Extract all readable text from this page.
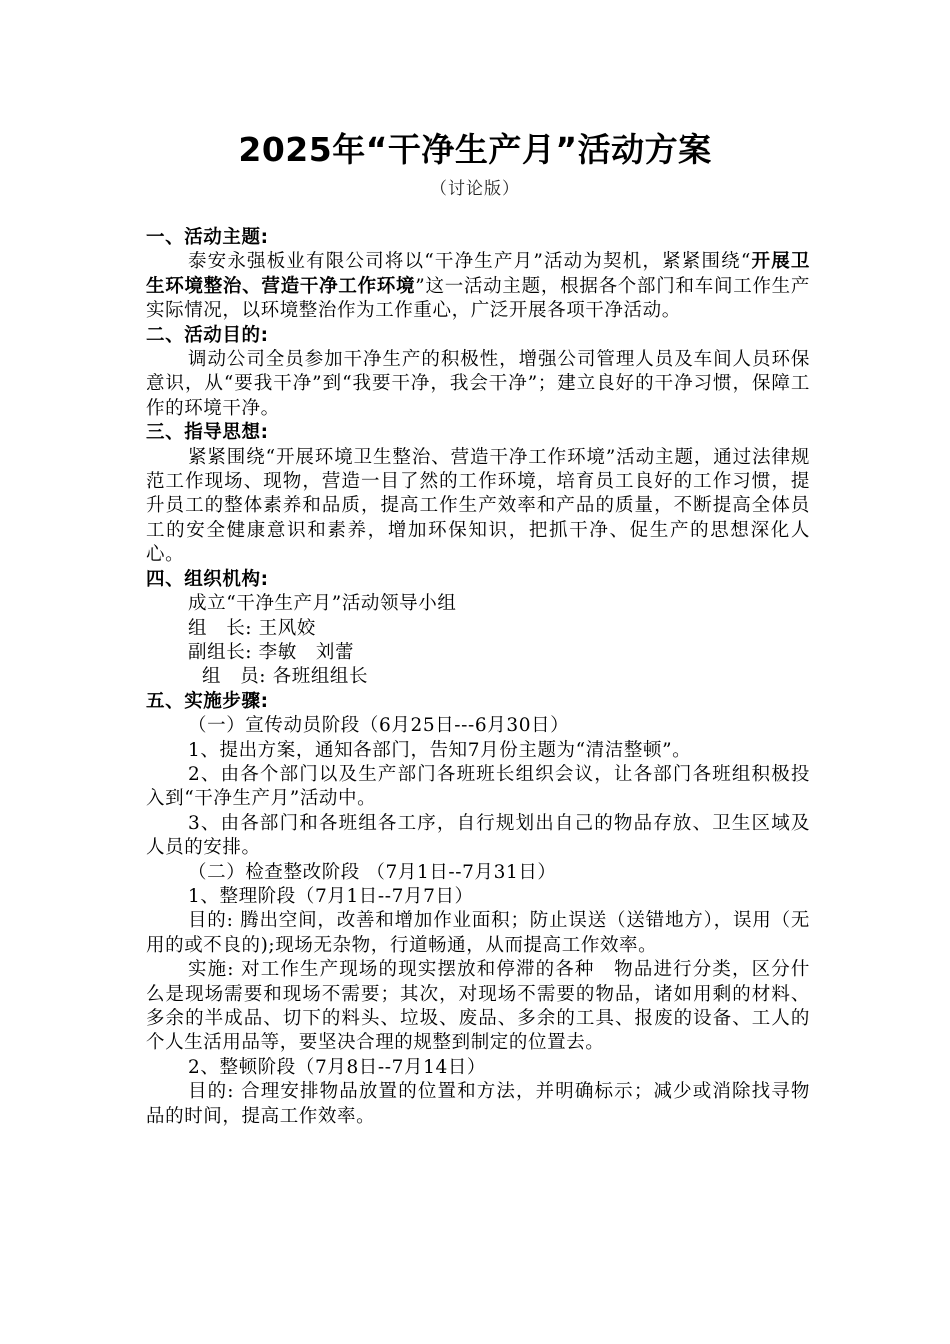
2025年“干净生产月”活动方案
（讨论版）
一、活动主题:
泰安永强板业有限公司将以“干净生产月”活动为契机，紧紧围绕“开展卫生环境整治、营造干净工作环境”这一活动主题，根据各个部门和车间工作生产实际情况，以环境整治作为工作重心，广泛开展各项干净活动。
二、活动目的:
调动公司全员参加干净生产的积极性，增强公司管理人员及车间人员环保意识，从“要我干净”到“我要干净，我会干净”；建立良好的干净习惯，保障工作的环境干净。
三、指导思想:
紧紧围绕“开展环境卫生整治、营造干净工作环境”活动主题，通过法律规范工作现场、现物，营造一目了然的工作环境，培育员工良好的工作习惯，提升员工的整体素养和品质，提高工作生产效率和产品的质量，不断提高全体员工的安全健康意识和素养，增加环保知识，把抓干净、促生产的思想深化人心。
四、组织机构:
成立“干净生产月”活动领导小组
组　长: 王风姣
副组长: 李敏　刘蕾
组　员: 各班组组长
五、实施步骤:
（一）宣传动员阶段（6月25日---6月30日）
1、提出方案，通知各部门，告知7月份主题为“清洁整顿”。
2、由各个部门以及生产部门各班班长组织会议，让各部门各班组积极投入到“干净生产月”活动中。
3、由各部门和各班组各工序，自行规划出自己的物品存放、卫生区域及人员的安排。
（二）检查整改阶段 （7月1日--7月31日）
1、整理阶段（7月1日--7月7日）
目的: 腾出空间，改善和增加作业面积；防止误送（送错地方），误用（无用的或不良的);现场无杂物，行道畅通，从而提高工作效率。
实施: 对工作生产现场的现实摆放和停滞的各种　物品进行分类，区分什么是现场需要和现场不需要；其次，对现场不需要的物品，诸如用剩的材料、多余的半成品、切下的料头、垃圾、废品、多余的工具、报废的设备、工人的个人生活用品等，要坚决合理的规整到制定的位置去。
2、整顿阶段（7月8日--7月14日）
目的: 合理安排物品放置的位置和方法，并明确标示；减少或消除找寻物品的时间，提高工作效率。
